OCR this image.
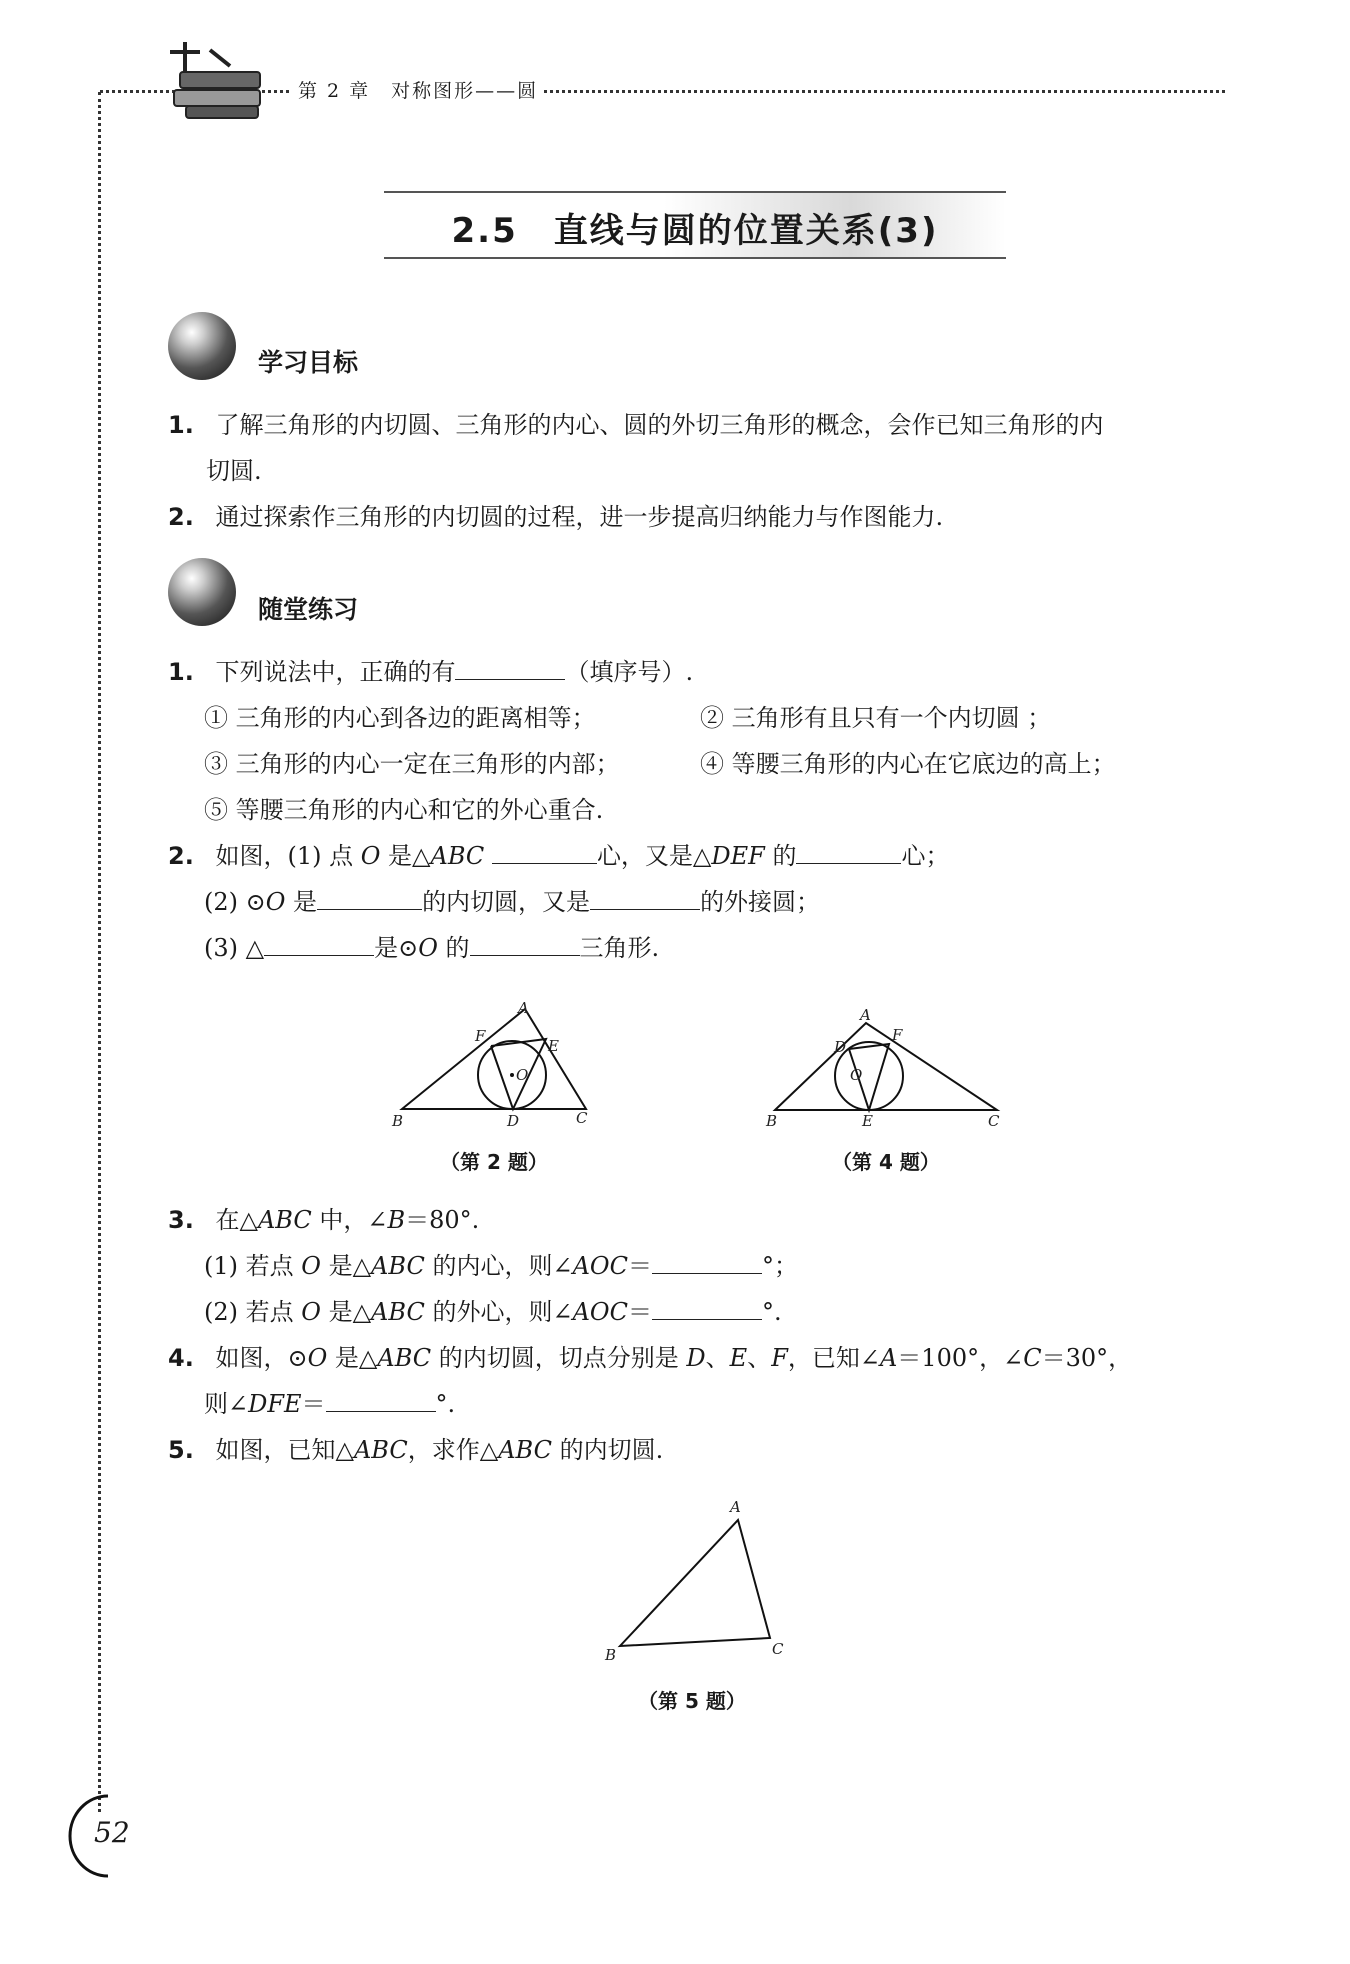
第 2 章　对称图形——圆
2.5　直线与圆的位置关系(3)
学习目标
1. 了解三角形的内切圆、三角形的内心、圆的外切三角形的概念，会作已知三角形的内
切圆.
2. 通过探索作三角形的内切圆的过程，进一步提高归纳能力与作图能力.
随堂练习
1. 下列说法中，正确的有	（填序号）.
① 三角形的内心到各边的距离相等；	② 三角形有且只有一个内切圆 ；
③ 三角形的内心一定在三角形的内部；	④ 等腰三角形的内心在它底边的高上；
⑤ 等腰三角形的内心和它的外心重合.
2. 如图，(1) 点 O 是△ABC	心，又是△DEF 的	心；
(2) ⊙O 是	的内切圆，又是	的外接圆；
(3) △	是⊙O 的	三角形.
A
B	C
D
E
F
O
（第 2 题）
A
B	C
D
E
F
O
（第 4 题）
3. 在△ABC 中，∠B＝80°.
(1) 若点 O 是△ABC 的内心，则∠AOC＝	°；
(2) 若点 O 是△ABC 的外心，则∠AOC＝	°.
4. 如图，⊙O 是△ABC 的内切圆，切点分别是 D、E、F，已知∠A＝100°，∠C＝30°，
则∠DFE＝	°.
5. 如图，已知△ABC，求作△ABC 的内切圆.
A
B	C
（第 5 题）
52
